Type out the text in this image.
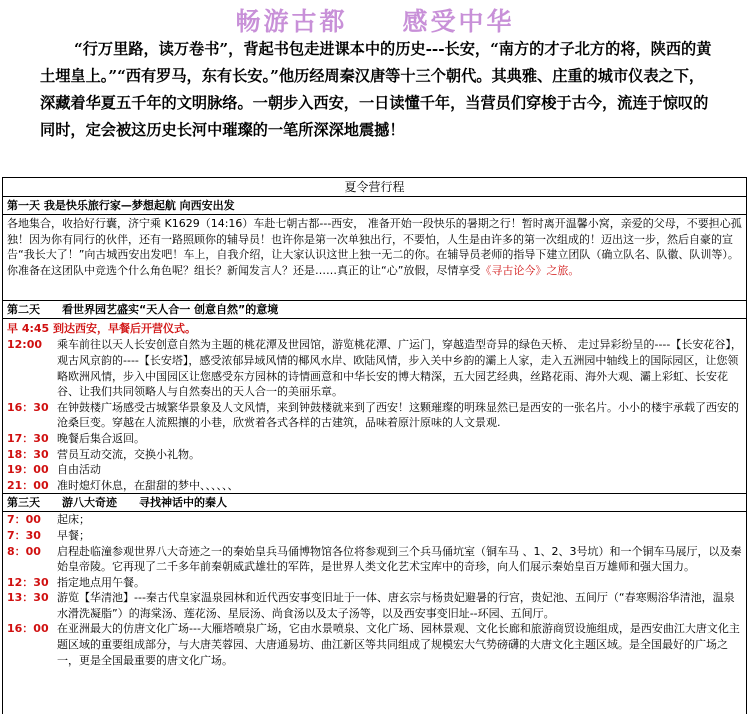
畅游古都 感受中华
“行万里路，读万卷书”，背起书包走进课本中的历史---长安，“南方的才子北方的将，陕西的黄土埋皇上。”“西有罗马，东有长安。”他历经周秦汉唐等十三个朝代。其典雅、庄重的城市仪表之下，深藏着华夏五千年的文明脉络。一朝步入西安，一日读懂千年，当营员们穿梭于古今，流连于惊叹的同时，定会被这历史长河中璀璨的一笔所深深地震撼！
夏令营行程
第一天 我是快乐旅行家—梦想起航 向西安出发
各地集合，收拾好行囊，济宁乘 K1629（14:16）车赴七朝古都---西安， 准备开始一段快乐的暑期之行！暂时离开温馨小窝，亲爱的父母，不要担心孤独！因为你有同行的伙伴，还有一路照顾你的辅导员！也许你是第一次单独出行，不要怕，人生是由许多的第一次组成的！迈出这一步，然后自豪的宣告“我长大了！”向古城西安出发吧！车上，自我介绍，让大家认识这世上独一无二的你。在辅导员老师的指导下建立团队（确立队名、队徽、队训等）。你准备在这团队中竞选个什么角色呢？组长？新闻发言人？还是……真正的让“心”放假，尽情享受《寻古论今》之旅。
第二天 看世界园艺盛实“天人合一 创意自然”的意境
早 4:45 到达西安，早餐后开营仪式。
12:00	乘车前往以天人长安创意自然为主题的桃花潭及世园馆，游览桃花潭、广运门，穿越造型奇异的绿色天桥、 走过异彩纷呈的----【长安花谷】，观古风京韵的----【长安塔】，感受浓郁异域风情的椰风水岸、欧陆风情，步入关中乡韵的灞上人家，走入五洲园中轴线上的国际园区，让您领略欧洲风情，步入中国园区让您感受东方园林的诗情画意和中华长安的博大精深，五大园艺经典，丝路花雨、海外大观、灞上彩虹、长安花谷、让我们共同领略人与自然奏出的天人合一的美丽乐章。
16：30 在钟鼓楼广场感受古城繁华景象及人文风情，来到钟鼓楼就来到了西安！这颗璀璨的明珠显然已是西安的一张名片。小小的楼宇承载了西安的沧桑巨变。穿越在人流熙攘的小巷，欣赏着各式各样的古建筑，品味着原汁原味的人文景观.
17：30 晚餐后集合返回。
18：30 营员互动交流，交换小礼物。
19：00 自由活动
21：00 准时熄灯休息，在甜甜的梦中、、、、、、
第三天 游八大奇迹 寻找神话中的秦人
7：00	起床；
7：30	早餐；
8：00	启程赴临潼参观世界八大奇迹之一的秦始皇兵马俑博物馆各位将参观到三个兵马俑坑室（铜车马 、1、2、3号坑）和一个铜车马展厅，以及秦始皇帝陵。它再现了二千多年前秦朝威武雄壮的军阵，是世界人类文化艺术宝库中的奇珍，向人们展示秦始皇百万雄师和强大国力。
12：30 指定地点用午餐。
13：30 游览【华清池】---秦古代皇家温泉园林和近代西安事变旧址于一体、唐玄宗与杨贵妃避暑的行宫，贵妃池、五间厅（“春寒赐浴华清池，温泉水滑洗凝脂”）的海棠汤、莲花汤、星辰汤、尚食汤以及太子汤等，以及西安事变旧址--环园、五间厅。
16：00 在亚洲最大的仿唐文化广场---大雁塔喷泉广场，它由水景喷泉、文化广场、园林景观、文化长廊和旅游商贸设施组成，是西安曲江大唐文化主题区域的重要组成部分，与大唐芙蓉园、大唐通易坊、曲江新区等共同组成了规模宏大气势磅礴的大唐文化主题区域。是全国最好的广场之一，更是全国最重要的唐文化广场。
